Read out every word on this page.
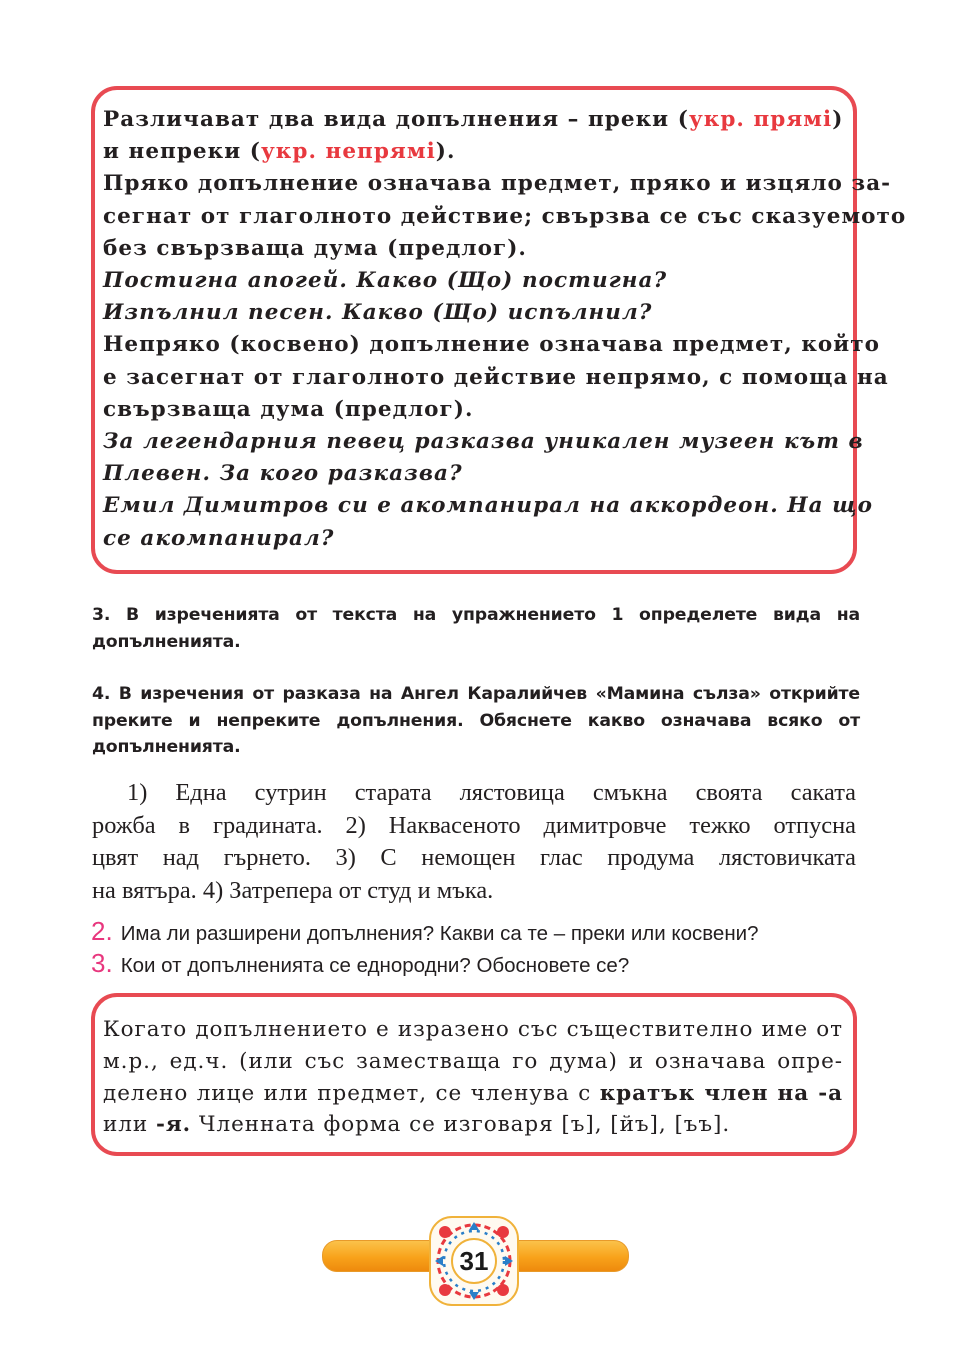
Различават два вида допълнения – преки (укр. прямі)
и непреки (укр. непрямі).
Пряко допълнение означава предмет, пряко и изцяло за-
сегнат от глаголното действие; свързва се със сказуемото
без свързваща дума (предлог).
Постигна апогей. Какво (Що) постигна?
Изпълнил песен. Какво (Що) испълнил?
Непряко (косвено) допълнение означава предмет, който
е засегнат от глаголното действие непрямо, с помоща на
свързваща дума (предлог).
За легендарния певец разказва уникален музеен кът в
Плевен. За кого разказва?
Емил Димитров си е акомпанирал на аккордеон. На що
се акомпанирал?
3. В изреченията от текста на упражнението 1 определете вида на
допълненията.
4. В изречения от разказа на Ангел Каралийчев «Мамина сълза» открийте
преките и непреките допълнения. Обяснете какво означава всяко от
допълненията.
1) Една сутрин старата лястовица смъкна своята саката
рожба в градината. 2) Наквасеното димитровче тежко отпусна
цвят над гърнето. 3) С немощен глас продума лястовичката
на вятъра. 4) Затрепера от студ и мъка.
2. Има ли разширени допълнения? Какви са те – преки или косвени?
3. Кои от допълненията се еднородни? Обосновете се?
Когато допълнението е изразено със съществително име от
м.р., ед.ч. (или със заместваща го дума) и означава опре-
делено лице или предмет, се членува с кратък член на -а
или -я. Членната форма се изговаря [ъ], [йъ], [ъъ].
31
